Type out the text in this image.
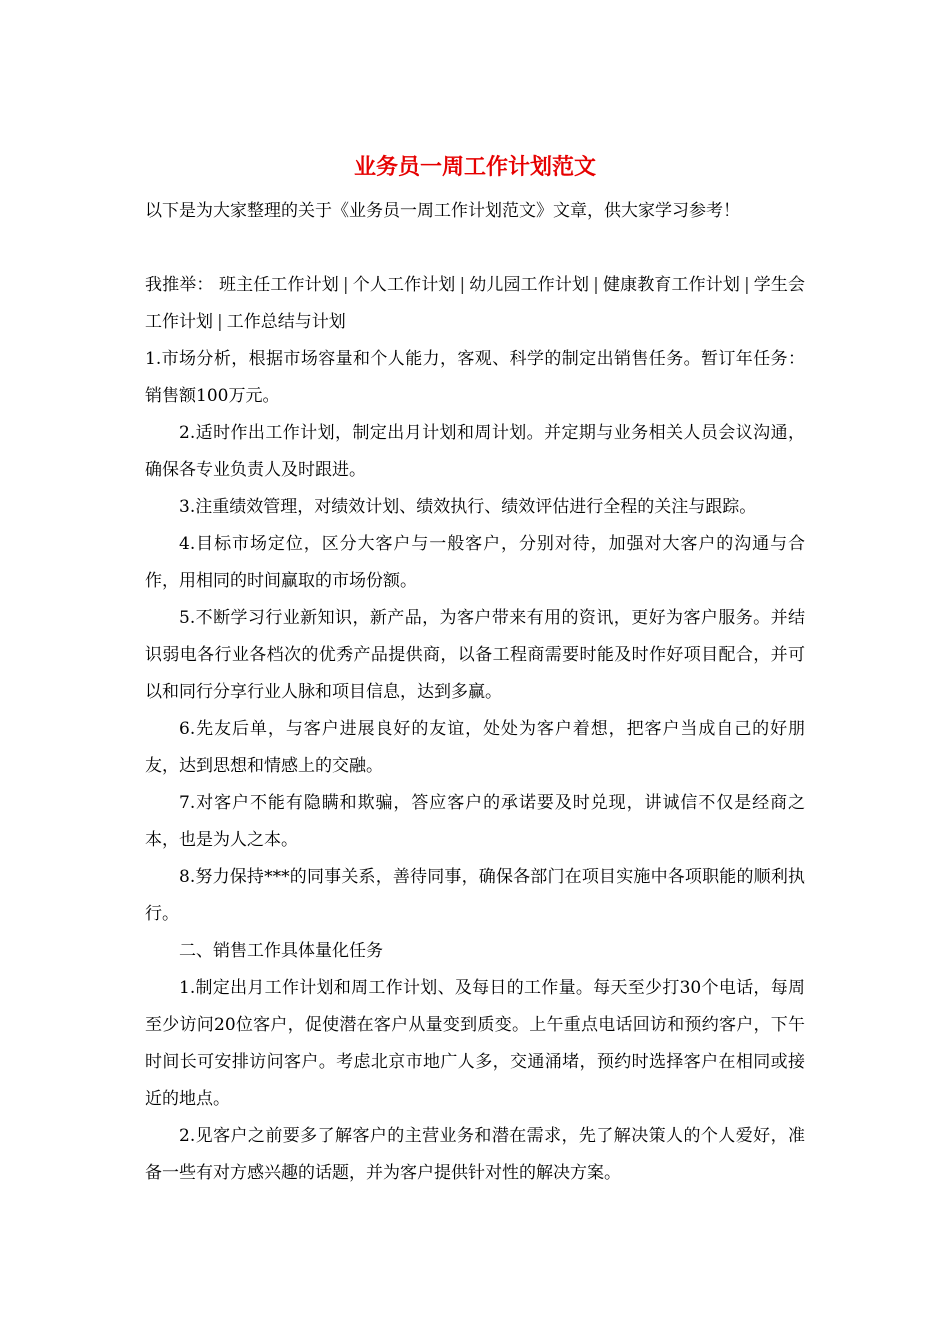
业务员一周工作计划范文

以下是为大家整理的关于《业务员一周工作计划范文》文章，供大家学习参考！

我推举： 班主任工作计划 | 个人工作计划 | 幼儿园工作计划 | 健康教育工作计划 | 学生会工作计划 | 工作总结与计划

1.市场分析，根据市场容量和个人能力，客观、科学的制定出销售任务。暂订年任务：销售额100万元。

2.适时作出工作计划，制定出月计划和周计划。并定期与业务相关人员会议沟通，确保各专业负责人及时跟进。

3.注重绩效管理，对绩效计划、绩效执行、绩效评估进行全程的关注与跟踪。

4.目标市场定位，区分大客户与一般客户，分别对待，加强对大客户的沟通与合作，用相同的时间赢取的市场份额。

5.不断学习行业新知识，新产品，为客户带来有用的资讯，更好为客户服务。并结识弱电各行业各档次的优秀产品提供商，以备工程商需要时能及时作好项目配合，并可以和同行分享行业人脉和项目信息，达到多赢。

6.先友后单，与客户进展良好的友谊，处处为客户着想，把客户当成自己的好朋友，达到思想和情感上的交融。

7.对客户不能有隐瞒和欺骗，答应客户的承诺要及时兑现，讲诚信不仅是经商之本，也是为人之本。

8.努力保持***的同事关系，善待同事，确保各部门在项目实施中各项职能的顺利执行。

二、销售工作具体量化任务

1.制定出月工作计划和周工作计划、及每日的工作量。每天至少打30个电话，每周至少访问20位客户，促使潜在客户从量变到质变。上午重点电话回访和预约客户，下午时间长可安排访问客户。考虑北京市地广人多，交通涌堵，预约时选择客户在相同或接近的地点。

2.见客户之前要多了解客户的主营业务和潜在需求，先了解决策人的个人爱好，准备一些有对方感兴趣的话题，并为客户提供针对性的解决方案。
